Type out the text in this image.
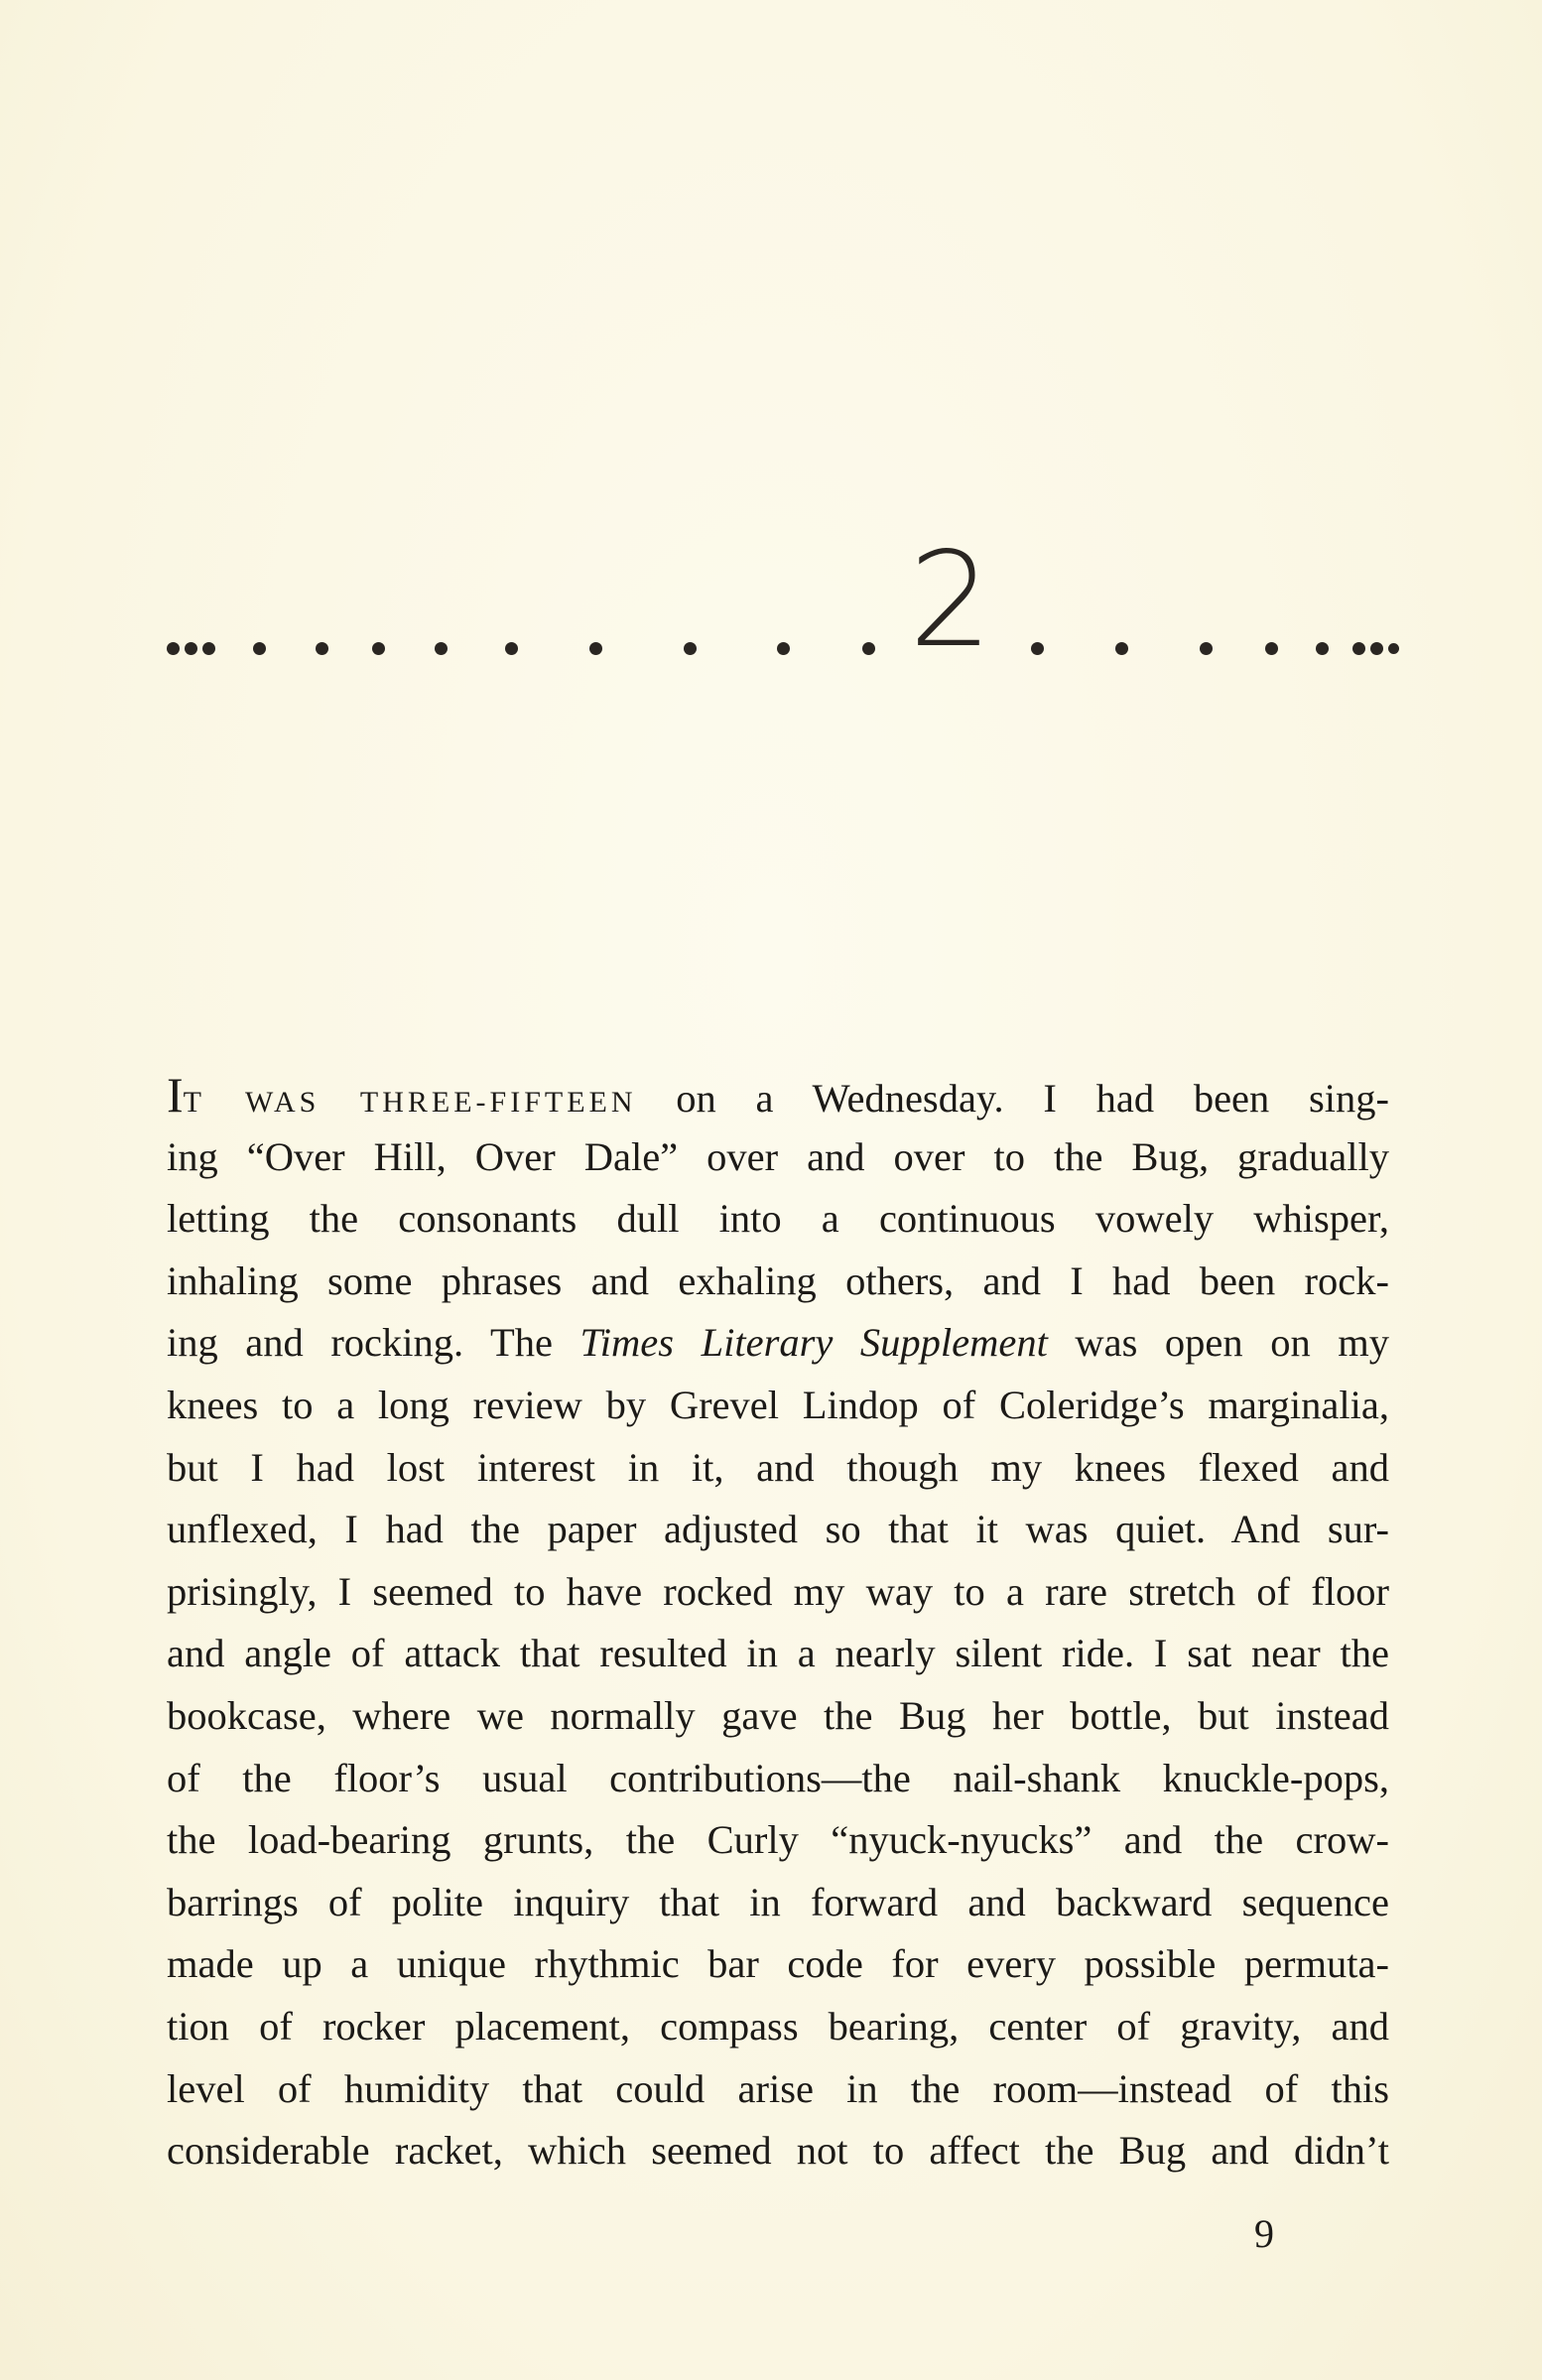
2
IT WAS THREE-FIFTEEN on a Wednesday. I had been sing-
ing “Over Hill, Over Dale” over and over to the Bug, gradually
letting the consonants dull into a continuous vowely whisper,
inhaling some phrases and exhaling others, and I had been rock-
ing and rocking. The Times Literary Supplement was open on my
knees to a long review by Grevel Lindop of Coleridge’s marginalia,
but I had lost interest in it, and though my knees flexed and
unflexed, I had the paper adjusted so that it was quiet. And sur-
prisingly, I seemed to have rocked my way to a rare stretch of floor
and angle of attack that resulted in a nearly silent ride. I sat near the
bookcase, where we normally gave the Bug her bottle, but instead
of the floor’s usual contributions—the nail-shank knuckle-pops,
the load-bearing grunts, the Curly “nyuck-nyucks” and the crow-
barrings of polite inquiry that in forward and backward sequence
made up a unique rhythmic bar code for every possible permuta-
tion of rocker placement, compass bearing, center of gravity, and
level of humidity that could arise in the room—instead of this
considerable racket, which seemed not to affect the Bug and didn’t
9
